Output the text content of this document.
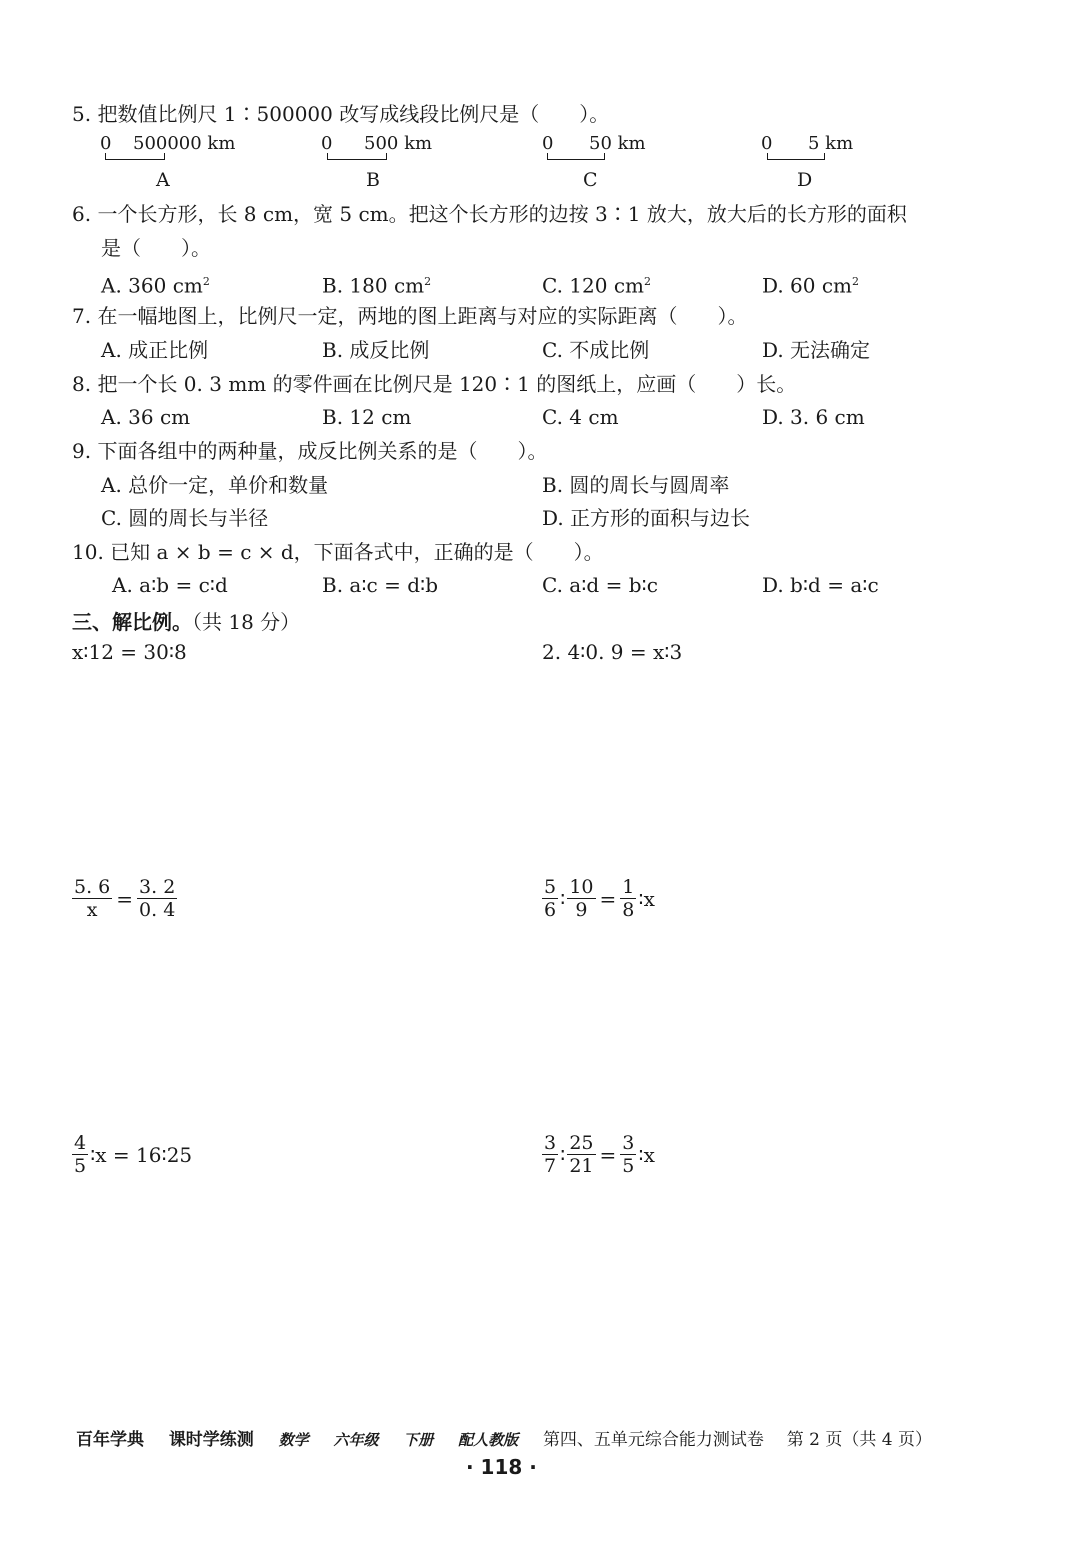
5. 把数值比例尺 1∶500000 改写成线段比例尺是（　　）。
0 500000 km
A
0 500 km
B
0 50 km
C
0 5 km
D
6. 一个长方形，长 8 cm，宽 5 cm。把这个长方形的边按 3∶1 放大，放大后的长方形的面积
是（　　）。
A. 360 $cm^2$	B. 180 $cm^2$	C. 120 $cm^2$	D. 60 $cm^2$
7. 在一幅地图上，比例尺一定，两地的图上距离与对应的实际距离（　　）。
A. 成正比例	B. 成反比例	C. 不成比例	D. 无法确定
8. 把一个长 0. 3 mm 的零件画在比例尺是 120∶1 的图纸上，应画（　　）长。
A. 36 cm	B. 12 cm	C. 4 cm	D. 3. 6 cm
9. 下面各组中的两种量，成反比例关系的是（　　）。
A. 总价一定，单价和数量	B. 圆的周长与圆周率
C. 圆的周长与半径	D. 正方形的面积与边长
10. 已知 a × b = c × d，下面各式中，正确的是（　　）。
A. a∶b = c∶d	B. a∶c = d∶b	C. a∶d = b∶c	D. b∶d = a∶c
三、解比例。（共 18 分）
x∶12 = 30∶8	2. 4∶0. 9 = x∶3
$\frac{5. 6}{x} = \frac{3. 2}{0. 4}$	$\frac{5}{6}$ ∶ $\frac{10}{9} = \frac{1}{8}$ ∶x
$\frac{4}{5}$ ∶x = 16∶25	$\frac{3}{7}$ ∶ $\frac{25}{21} = \frac{3}{5}$ ∶x
百年学典 课时学练测 数学 六年级 下册 配人教版 第四、五单元综合能力测试卷 第 2 页（共 4 页）
· 118 ·
